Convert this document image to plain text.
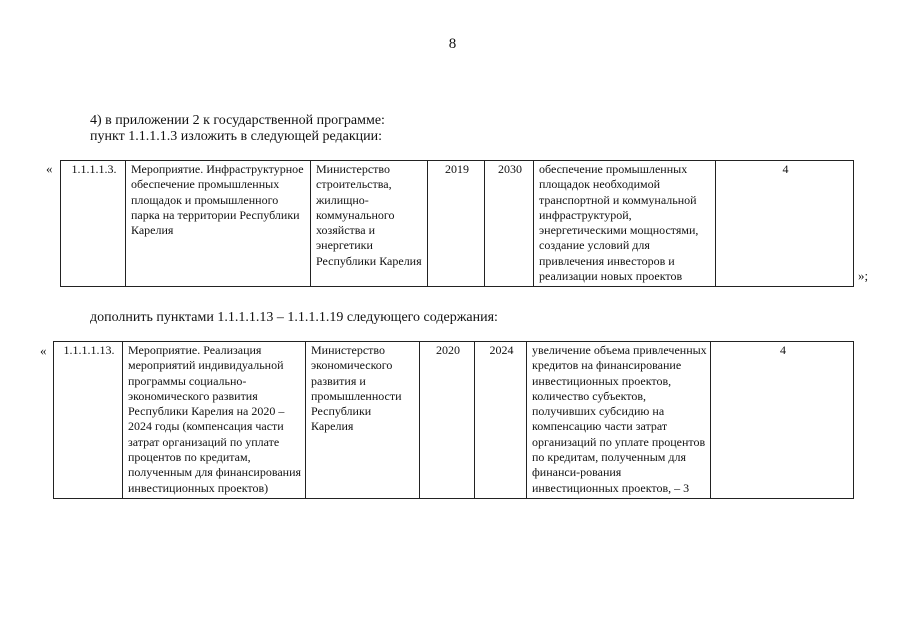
8
4) в приложении 2 к государственной программе:
пункт 1.1.1.1.3 изложить в следующей редакции:
« 1.1.1.1.3.	Мероприятие. Инфраструктурное обеспечение промышленных площадок и промышленного парка на территории Республики Карелия	Министерство строительства, жилищно-коммунального хозяйства и энергетики Республики Карелия	2019	2030	обеспечение промышленных площадок необходимой транспортной и коммунальной инфраструктурой, энергетическими мощностями, создание условий для привлечения инвесторов и реализации новых проектов	4
»;
дополнить пунктами 1.1.1.1.13 – 1.1.1.1.19 следующего содержания:
« 1.1.1.1.13.	Мероприятие. Реализация мероприятий индивидуальной программы социально-экономического развития Республики Карелия на 2020 – 2024 годы (компенсация части затрат организаций по уплате процентов по кредитам, полученным для финансирования инвестиционных проектов)	Министерство экономического развития и промышленности Республики Карелия	2020	2024	увеличение объема привлеченных кредитов на финансирование инвестиционных проектов, количество субъектов, получивших субсидию на компенсацию части затрат организаций по уплате процентов по кредитам, полученным для финанси-рования инвестиционных проектов, – 3	4
